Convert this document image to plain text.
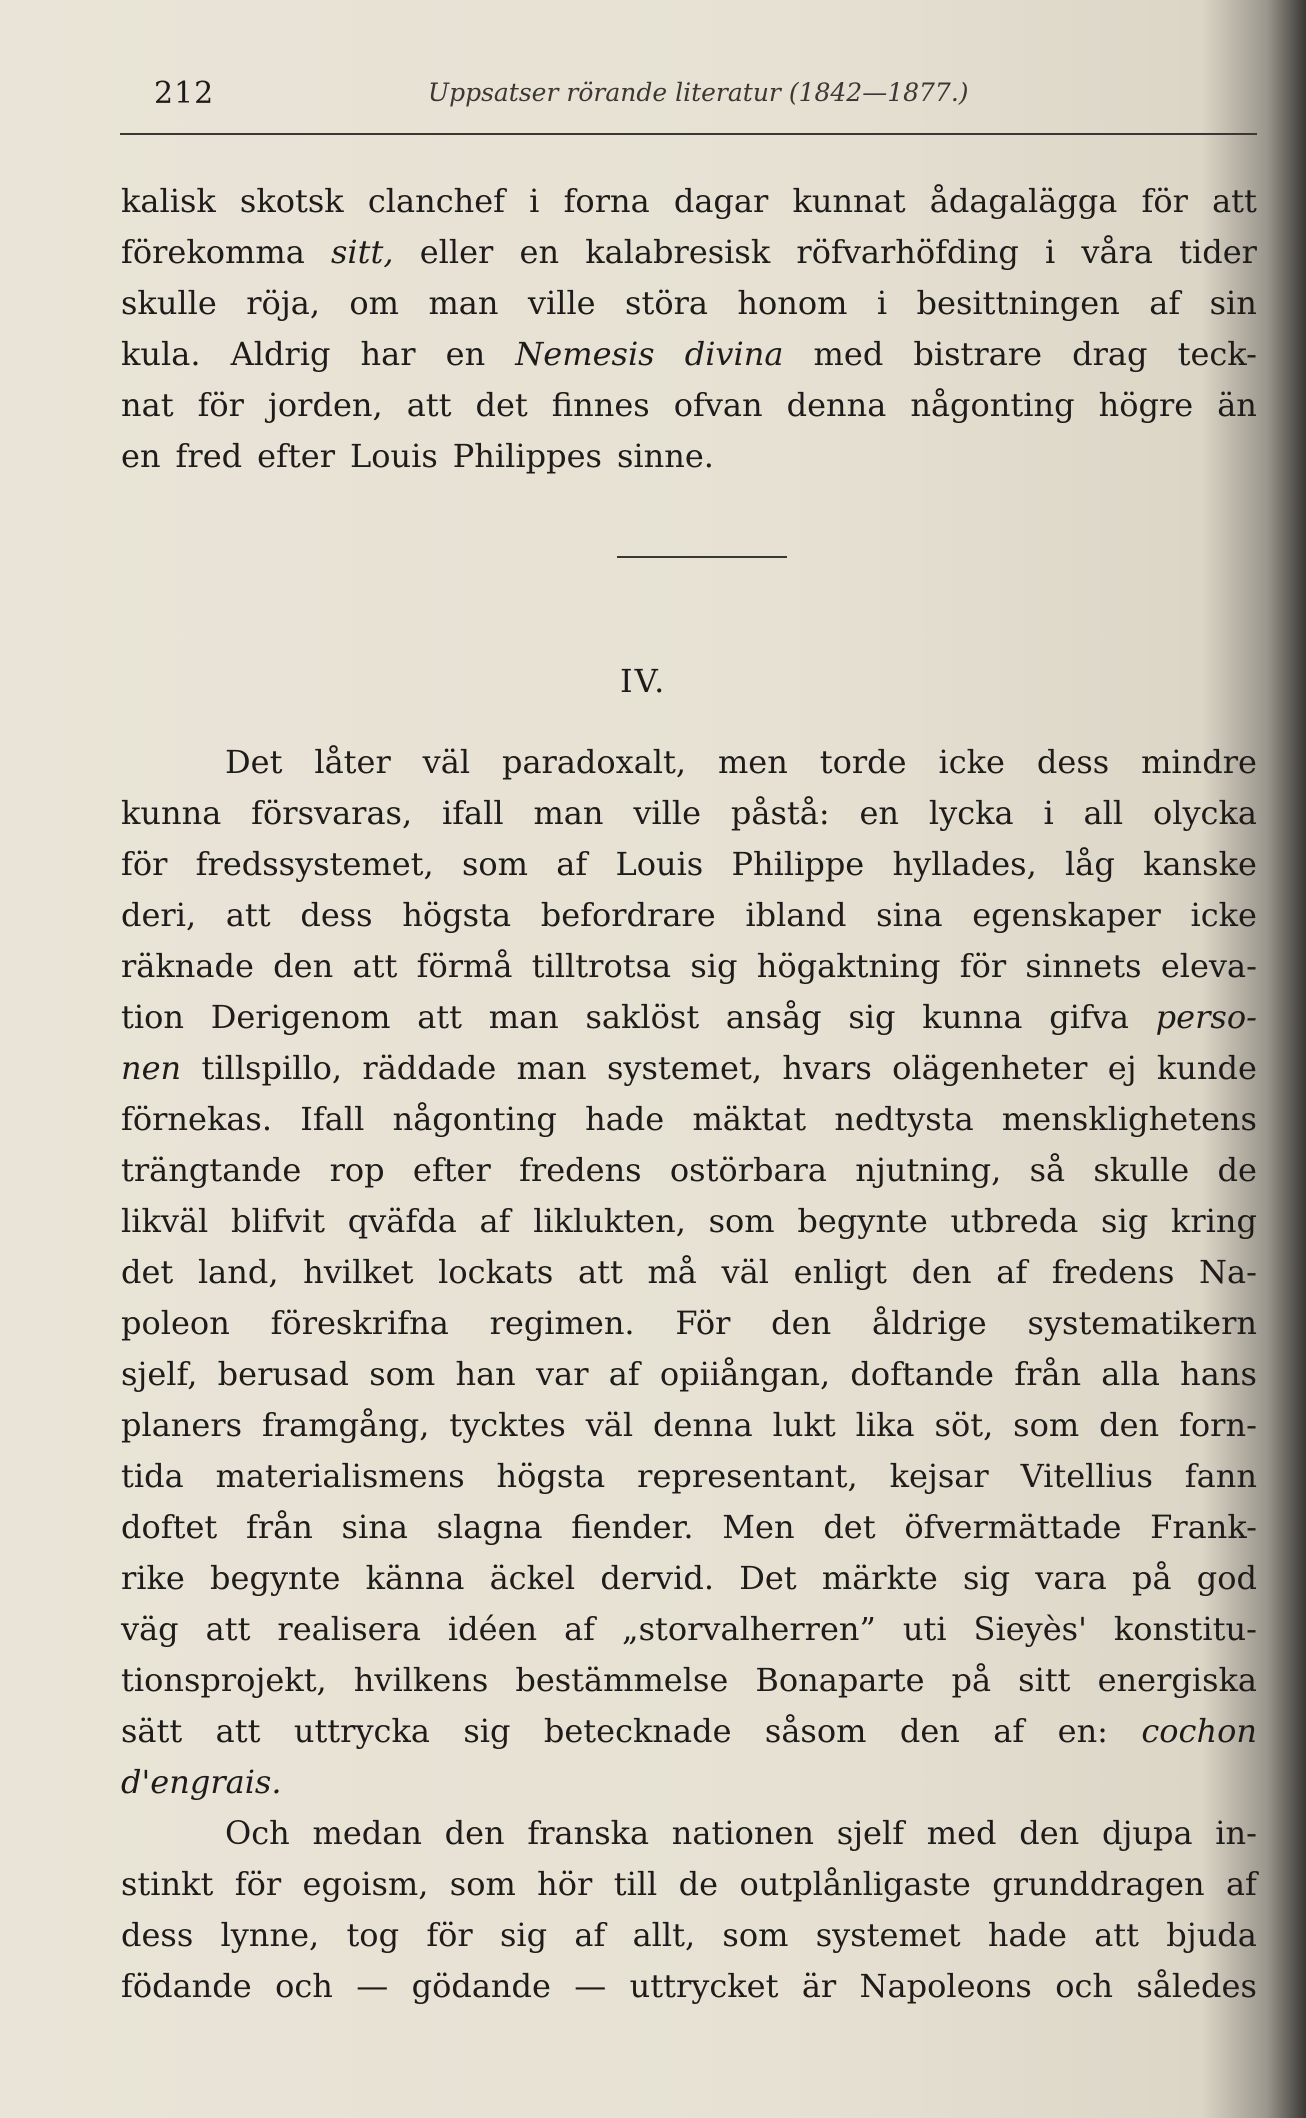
212	Uppsatser rörande literatur (1842—1877.)
kalisk skotsk clanchef i forna dagar kunnat ådagalägga för att
förekomma sitt, eller en kalabresisk röfvarhöfding i våra tider
skulle röja, om man ville störa honom i besittningen af sin
kula. Aldrig har en Nemesis divina med bistrare drag teck-
nat för jorden, att det finnes ofvan denna någonting högre än
en fred efter Louis Philippes sinne.
IV.
Det låter väl paradoxalt, men torde icke dess mindre
kunna försvaras, ifall man ville påstå: en lycka i all olycka
för fredssystemet, som af Louis Philippe hyllades, låg kanske
deri, att dess högsta befordrare ibland sina egenskaper icke
räknade den att förmå tilltrotsa sig högaktning för sinnets eleva-
tion Derigenom att man saklöst ansåg sig kunna gifva perso-
nen tillspillo, räddade man systemet, hvars olägenheter ej kunde
förnekas. Ifall någonting hade mäktat nedtysta mensklighetens
trängtande rop efter fredens ostörbara njutning, så skulle de
likväl blifvit qväfda af liklukten, som begynte utbreda sig kring
det land, hvilket lockats att må väl enligt den af fredens Na-
poleon föreskrifna regimen. För den åldrige systematikern
sjelf, berusad som han var af opiiångan, doftande från alla hans
planers framgång, tycktes väl denna lukt lika söt, som den forn-
tida materialismens högsta representant, kejsar Vitellius fann
doftet från sina slagna fiender. Men det öfvermättade Frank-
rike begynte känna äckel dervid. Det märkte sig vara på god
väg att realisera idéen af „storvalherren” uti Sieyès' konstitu-
tionsprojekt, hvilkens bestämmelse Bonaparte på sitt energiska
sätt att uttrycka sig betecknade såsom den af en: cochon
d'engrais.
Och medan den franska nationen sjelf med den djupa in-
stinkt för egoism, som hör till de outplånligaste grunddragen af
dess lynne, tog för sig af allt, som systemet hade att bjuda
födande och — gödande — uttrycket är Napoleons och således
